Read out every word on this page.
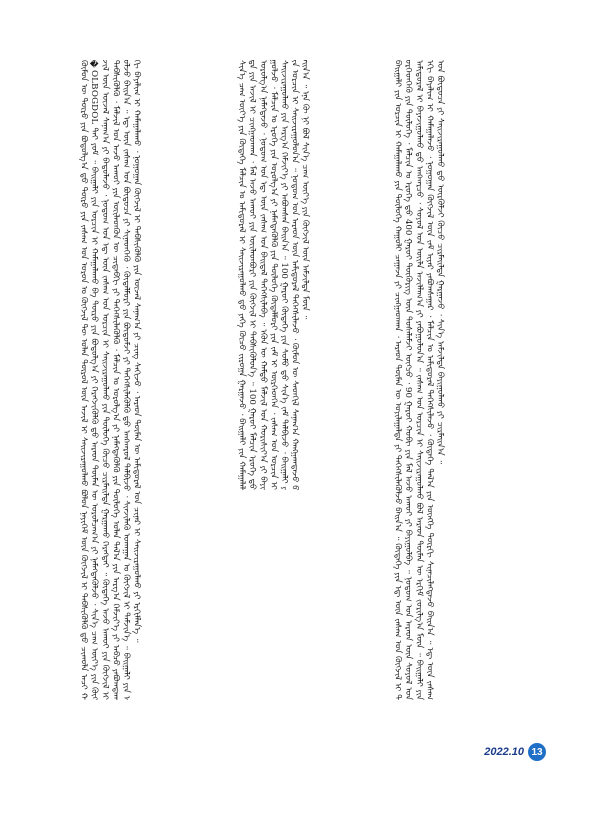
ᠬᠦᠮᠦᠨ ᠦ ᠲᠥᠷᠥ ᠶᠢᠨ ᠪᠣᠳᠣᠯᠭ᠎ᠠ ᠳ᠋ᠤ ᠲᠦᠷᠦ ᠶᠢᠨ ᠵᠠᠰᠠᠭ ᠤᠨ ᠣᠷᠤᠨ ᠤ ᠬᠥᠭᠵᠢᠯ ᠲᠦ ᠣᠯᠠᠨ ᠲᠥᠷᠥᠯ ᠦᠨ ᠠᠵᠢᠯ ᠢ ᠰᠠᠢᠵᠢᠷᠠᠭᠤᠯᠬᠤ ᠪᠣᠯᠤᠨ ᠨᠡᠶᠢᠭᠡᠮ ᠦᠨ ᠬᠥᠭᠵᠢᠯ ᠢ ᠳᠡᠪᠰᠢᠭᠦᠯᠬᠦ ᠳ᠋ᠤ ᠴᠢᠬᠤᠯᠠ ᠠᠴᠢ ᠬ�OLBOGDOL ᠲᠠᠢ ᠶᠤᠮ ᠃ ᠪᠠᠢᠭᠠᠯᠢ ᠶᠢᠨ ᠣᠷᠴᠢᠨ ᠢ ᠬᠠᠮᠠᠭᠠᠯᠠᠬᠤ ᠪᠠ ᠲᠦᠷᠦ ᠶᠢᠨ ᠪᠣᠳᠣᠯᠭ᠎ᠠ ᠶᠢ ᠬᠡᠷᠡᠭᠵᠢᠭᠦᠯᠬᠦ ᠳ᠋ᠤ ᠠᠷᠠᠳ ᠲᠦᠮᠡᠨ ᠦ ᠣᠷᠤᠯᠴᠠᠭ᠎ᠠ ᠶᠢ ᠨᠡᠮᠡᠭᠳᠡᠭᠦᠯᠵᠦ ᠂ ᠰᠢᠨ᠎ᠡ ᠴᠠᠭ ᠦᠶ᠎ᠡ ᠶᠢᠨ ᠬᠥᠭᠵᠢᠯ ᠦᠨ ᠦᠵᠡᠯ ᠰᠠᠨᠠᠭ᠎ᠠ ᠶᠢ ᠪᠠᠲᠤᠯᠠᠵᠤ ᠂ ᠨᠤᠲᠤᠭ ᠤᠨ ᠡᠳ᠋ ᠦᠨ ᠵᠠᠰᠠᠭ ᠤᠨ ᠣᠷᠴᠢᠨ ᠢ ᠰᠠᠢᠵᠢᠷᠠᠭᠤᠯᠬᠤ ᠶᠢᠨ ᠲᠥᠯᠥᠭᠡ ᠬᠦᠴᠦ ᠴᠢᠷᠮᠠᠢᠯᠲᠠ ᠭᠠᠷᠭᠠᠬᠤ ᠬᠡᠷᠡᠭᠲᠡᠢ ᠃ ᠬᠥᠳᠡᠭᠡ ᠠᠵᠤ ᠠᠬᠤᠢ ᠶᠢᠨ ᠬᠥᠭᠵᠢᠯ ᠢ ᠳᠡᠪᠰᠢᠭᠦᠯᠬᠦ ᠂ ᠮᠠᠯᠵᠢᠯ ᠤᠨ ᠠᠵᠤ ᠠᠬᠤᠢ ᠶᠢᠨ ᠦᠢᠯᠡᠳᠬᠦᠨ ᠦ ᠴᠢᠳᠠᠪᠬᠢ ᠶᠢ ᠳᠡᠭᠡᠭᠰᠢᠯᠡᠭᠦᠯᠬᠦ ᠂ ᠮᠠᠯᠴᠢᠨ ᠤ ᠣᠷᠣᠯᠭ᠎ᠠ ᠶᠢ ᠨᠡᠮᠡᠭᠳᠡᠭᠦᠯᠬᠦ ᠶᠢᠨ ᠲᠥᠯᠥᠭᠡ ᠣᠯᠠᠨ ᠲᠠᠯ᠎ᠠ ᠶᠢᠨ ᠠᠷᠭ᠎ᠠ ᠬᠡᠮᠵᠢᠶ᠎ᠡ ᠶᠢ ᠠᠪᠴᠤ ᠶᠠᠪᠤᠭᠳᠠᠭᠤᠯᠵᠤ ᠪᠠᠢᠨ᠎ᠠ ᠃ ᠡᠳ᠋ ᠦᠨ ᠵᠠᠰᠠᠭ ᠤᠨ ᠪᠦᠲᠦᠴᠡ ᠶᠢ ᠰᠢᠨᠡᠳᠬᠡᠬᠦ ᠂ ᠬᠥᠳᠡᠯᠮᠦᠷᠢ ᠶᠢᠨ ᠪᠦᠲᠦᠮᠵᠢ ᠶᠢ ᠳᠡᠭᠡᠭᠰᠢᠯᠡᠭᠦᠯᠬᠦ ᠳ᠋ᠤ ᠠᠩᠬᠠᠷᠤᠯ ᠲᠠᠯᠪᠢᠵᠤ ᠂ ᠰᠢᠨᠵᠢᠯᠡᠬᠦ ᠤᠬᠠᠭᠠᠨ ᠤ ᠬᠥᠭᠵᠢᠯ ᠢ ᠳᠡᠮᠵᠢᠨ᠎ᠡ ᠃ ᠪᠠᠢᠭᠠᠯᠢ ᠶᠢᠨ ᠡᠬᠢ ᠪᠠᠶᠠᠯᠢᠭ ᠢ ᠬᠠᠮᠠᠭᠠᠯᠠᠬᠤ ᠂ ᠨᠤᠭᠤᠭᠠᠨ ᠬᠥᠭᠵᠢᠯ ᠢ ᠳᠡᠪᠰᠢᠭᠦᠯᠬᠦ ᠶᠢᠨ ᠦᠵᠡᠯ ᠰᠠᠨᠠᠭ᠎ᠠ ᠶᠢ ᠴᠢᠩ ᠰᠠᠬᠢᠵᠤ ᠂ ᠠᠷᠠᠳ ᠲᠦᠮᠡᠨ ᠦ ᠠᠮᠢᠳᠤᠷᠠᠯ ᠤᠨ ᠴᠢᠨᠠᠷ ᠢ ᠰᠠᠢᠵᠢᠷᠠᠭᠤᠯᠬᠤ ᠶᠢ ᠡᠷᠬᠢᠮᠯᠡᠨ᠎ᠡ ᠃	ᠰᠢᠨ᠎ᠡ ᠴᠠᠭ ᠦᠶ᠎ᠡ ᠶᠢᠨ ᠬᠥᠳᠡᠭᠡ ᠮᠠᠯᠴᠢᠨ ᠤ ᠠᠮᠢᠳᠤᠷᠠᠯ ᠢ ᠰᠠᠢᠵᠢᠷᠠᠭᠤᠯᠬᠤ ᠳ᠋ᠤ ᠶᠡᠬᠡ ᠬᠦᠴᠦ ᠵᠢᠷᠤᠭᠠ ᠭᠠᠷᠭᠠᠵᠤ ᠂ ᠪᠠᠢᠭᠠᠯᠢ ᠶᠢᠨ ᠬᠠᠮᠠᠭᠠᠯᠠᠯᠲᠠ ᠶᠢᠨ ᠠᠵᠢᠯ ᠢ ᠴᠢᠩᠭᠠᠳᠬᠠᠨ ᠂ ᠮᠠᠯ ᠠᠵᠤ ᠠᠬᠤᠢ ᠶᠢᠨ ᠦᠢᠯᠡᠳᠪᠦᠷᠢ ᠶᠢᠨ ᠬᠥᠭᠵᠢᠯ ᠢ ᠳᠡᠪᠰᠢᠭᠦᠯᠦᠨ᠎ᠡ ᠃ 100 ᠭᠠᠷᠤᠢ ᠮᠠᠯᠴᠢᠨ ᠡᠷᠦᠬᠡ ᠳ᠋ᠦ ᠣᠷᠣᠯᠭ᠎ᠠ ᠨᠡᠮᠡᠭᠳᠡᠵᠦ ᠂ ᠨᠤᠲᠤᠭ ᠤᠨ ᠡᠳ᠋ ᠦᠨ ᠵᠠᠰᠠᠭ ᠤᠨ ᠪᠠᠢᠳᠠᠯ ᠳᠡᠭᠡᠭᠰᠢᠯᠡᠪᠡ ᠃ ᠡᠭᠦᠨ ᠦ ᠬᠠᠮᠲᠤ ᠮᠠᠯᠵᠢᠯ ᠤᠨ ᠬᠣᠷᠢᠰᠢᠶ᠎ᠠ ᠶᠢ ᠪᠠᠶᠢᠭᠤᠯᠵᠤ ᠂ ᠮᠠᠯᠴᠢᠨ ᠤ ᠡᠷᠦᠬᠡ ᠶᠢᠨ ᠣᠷᠣᠯᠭ᠎ᠠ ᠶᠢ ᠨᠡᠮᠡᠭᠳᠡᠭᠦᠯᠬᠦ ᠶᠢᠨ ᠲᠥᠯᠥᠭᠡ ᠬᠥᠳᠡᠯᠮᠦᠷᠢ ᠶᠢᠨ ᠵᠠᠮ ᠢ ᠥᠷᠭᠡᠳᠭᠡᠨ ᠂ ᠵᠠᠰᠠᠭ ᠤᠨ ᠣᠷᠴᠢᠨ ᠢ ᠰᠠᠢᠵᠢᠷᠠᠭᠤᠯᠬᠤ ᠶᠢᠨ ᠠᠷᠭ᠎ᠠ ᠬᠡᠮᠵᠢᠶ᠎ᠡ ᠶᠢ ᠠᠪᠤᠭᠰᠠᠨ ᠪᠠᠢᠨ᠎ᠠ ᠃ 100 ᠭᠠᠷᠤᠢ ᠬᠥᠳᠡᠭᠡ ᠶᠢᠨ ᠰᠤᠮᠤ ᠳ᠋ᠤ ᠰᠢᠨ᠎ᠡ ᠵᠠᠮ ᠲᠠᠯᠪᠢᠵᠤ ᠂ ᠪᠠᠢᠭᠠᠯᠢ ᠶᠢᠨ ᠣᠷᠴᠢᠨ ᠢ ᠰᠠᠢᠵᠢᠷᠠᠭᠤᠯᠤᠨ᠎ᠠ ᠃ ᠨᠤᠲᠤᠭ ᠤᠨ ᠠᠷᠠᠳ ᠦᠨ ᠠᠮᠢᠳᠤᠷᠠᠯ ᠳᠡᠭᠡᠭᠰᠢᠯᠡᠵᠦ ᠂ ᠬᠦᠮᠦᠨ ᠦ ᠰᠡᠳᠬᠢᠯ ᠰᠠᠨᠠᠭ᠎ᠠ ᠬᠠᠩᠭᠠᠭᠳᠠᠵᠤ ᠪᠠᠢᠨ᠎ᠠ ᠃ ᠡᠨᠡ ᠬᠦ ᠨᠢ ᠪᠣᠯ ᠰᠢᠨ᠎ᠡ ᠴᠠᠭ ᠦᠶ᠎ᠡ ᠶᠢᠨ ᠬᠥᠭᠵᠢᠯ ᠦᠨ ᠠᠮᠵᠢᠯᠲᠠ ᠮᠥᠨ ᠃	ᠪᠠᠢᠭᠠᠯᠢ ᠶᠢᠨ ᠣᠷᠴᠢᠨ ᠢ ᠬᠠᠮᠠᠭᠠᠯᠠᠬᠤ ᠶᠢᠨ ᠲᠥᠯᠥᠭᠡ ᠬᠠᠭᠤᠯᠢ ᠴᠠᠭᠠᠵᠠ ᠶᠢ ᠴᠢᠩᠭᠠᠳᠬᠠᠨ ᠂ ᠠᠷᠠᠳ ᠲᠦᠮᠡᠨ ᠦ ᠣᠶᠢᠯᠠᠭᠠᠯᠲᠠ ᠶᠢ ᠳᠡᠭᠡᠭᠰᠢᠯᠡᠭᠦᠯᠵᠦ ᠪᠠᠢᠨ᠎ᠠ ᠃ ᠬᠥᠳᠡᠭᠡ ᠶᠢᠨ ᠡᠳ᠋ ᠦᠨ ᠵᠠᠰᠠᠭ ᠤᠨ ᠬᠥᠭᠵᠢᠯ ᠢ ᠲᠦᠷᠭᠡᠳᠬᠡᠬᠦ ᠶᠢᠨ ᠲᠥᠯᠥᠭᠡ ᠂ ᠮᠠᠯᠴᠢᠨ ᠤ ᠡᠷᠦᠬᠡ ᠳ᠋ᠦ 400 ᠭᠠᠷᠤᠢ ᠲᠥᠭᠦᠷᠢᠭ ᠦᠨ ᠲᠤᠰᠠᠯᠠᠮᠵᠢ ᠥᠭᠴᠦ ᠂ 90 ᠭᠠᠷᠤᠢ ᠬᠤᠪᠢ ᠶᠢᠨ ᠮᠠᠯ ᠠᠵᠤ ᠠᠬᠤᠢ ᠶᠢ ᠪᠠᠶᠢᠭᠤᠯᠪᠠ ᠃ ᠨᠤᠲᠤᠭ ᠤᠨ ᠠᠷᠠᠳ ᠦᠨ ᠰᠣᠶᠣᠯ ᠤᠨ ᠠᠮᠢᠳᠤᠷᠠᠯ ᠢ ᠪᠠᠶᠠᠵᠢᠭᠤᠯᠬᠤ ᠳ᠋ᠤ ᠠᠩᠬᠠᠷᠴᠤ ᠂ ᠰᠣᠶᠣᠯ ᠤᠨ ᠦᠢᠯᠡ ᠠᠵᠢᠯᠯᠠᠭ᠎ᠠ ᠶᠢ ᠶᠠᠪᠤᠭᠤᠯᠤᠨ᠎ᠠ ᠃ ᠵᠠᠰᠠᠭ ᠤᠨ ᠣᠷᠴᠢᠨ ᠢ ᠰᠠᠢᠵᠢᠷᠠᠭᠤᠯᠬᠤ ᠪᠣᠯ ᠠᠷᠠᠳ ᠲᠦᠮᠡᠨ ᠦ ᠡᠷᠬᠢᠮ ᠵᠣᠷᠢᠯᠭ᠎ᠠ ᠮᠥᠨ ᠃ ᠪᠠᠢᠭᠠᠯᠢ ᠶᠢᠨ ᠡᠬᠢ ᠪᠠᠶᠠᠯᠢᠭ ᠢ ᠬᠠᠮᠠᠭᠠᠯᠠᠵᠤ ᠂ ᠨᠤᠭᠤᠭᠠᠨ ᠬᠥᠭᠵᠢᠯ ᠦᠨ ᠵᠠᠮ ᠢᠶᠠᠷ ᠶᠠᠪᠤᠭᠰᠠᠭᠠᠷ ᠂ ᠮᠠᠯᠴᠢᠨ ᠤ ᠠᠮᠢᠳᠤᠷᠠᠯ ᠳᠡᠭᠡᠭᠰᠢᠯᠡᠵᠦ ᠂ ᠬᠥᠳᠡᠭᠡ ᠲᠠᠯ᠎ᠠ ᠶᠢᠨ ᠥᠩᠭᠡ ᠲᠥᠷᠬᠢ ᠰᠢᠨᠡᠴᠢᠯᠡᠭᠳᠡᠵᠦ ᠪᠠᠢᠨ᠎ᠠ ᠃ ᠡᠳ᠋ ᠦᠨ ᠵᠠᠰᠠᠭ ᠤᠨ ᠪᠦᠲᠦᠴᠡ ᠶᠢ ᠰᠠᠢᠵᠢᠷᠠᠭᠤᠯᠬᠤ ᠳ᠋ᠤ ᠦᠷᠭᠦᠯᠵᠢ ᠬᠦᠴᠦ ᠴᠢᠷᠮᠠᠢᠯᠲᠠ ᠭᠠᠷᠭᠠᠵᠤ ᠂ ᠰᠢᠨ᠎ᠡ ᠠᠮᠵᠢᠯᠲᠠ ᠪᠠᠶᠢᠭᠤᠯᠬᠤ ᠶᠢ ᠴᠢᠷᠮᠠᠢᠨ᠎ᠠ ᠃
2022.10 13
